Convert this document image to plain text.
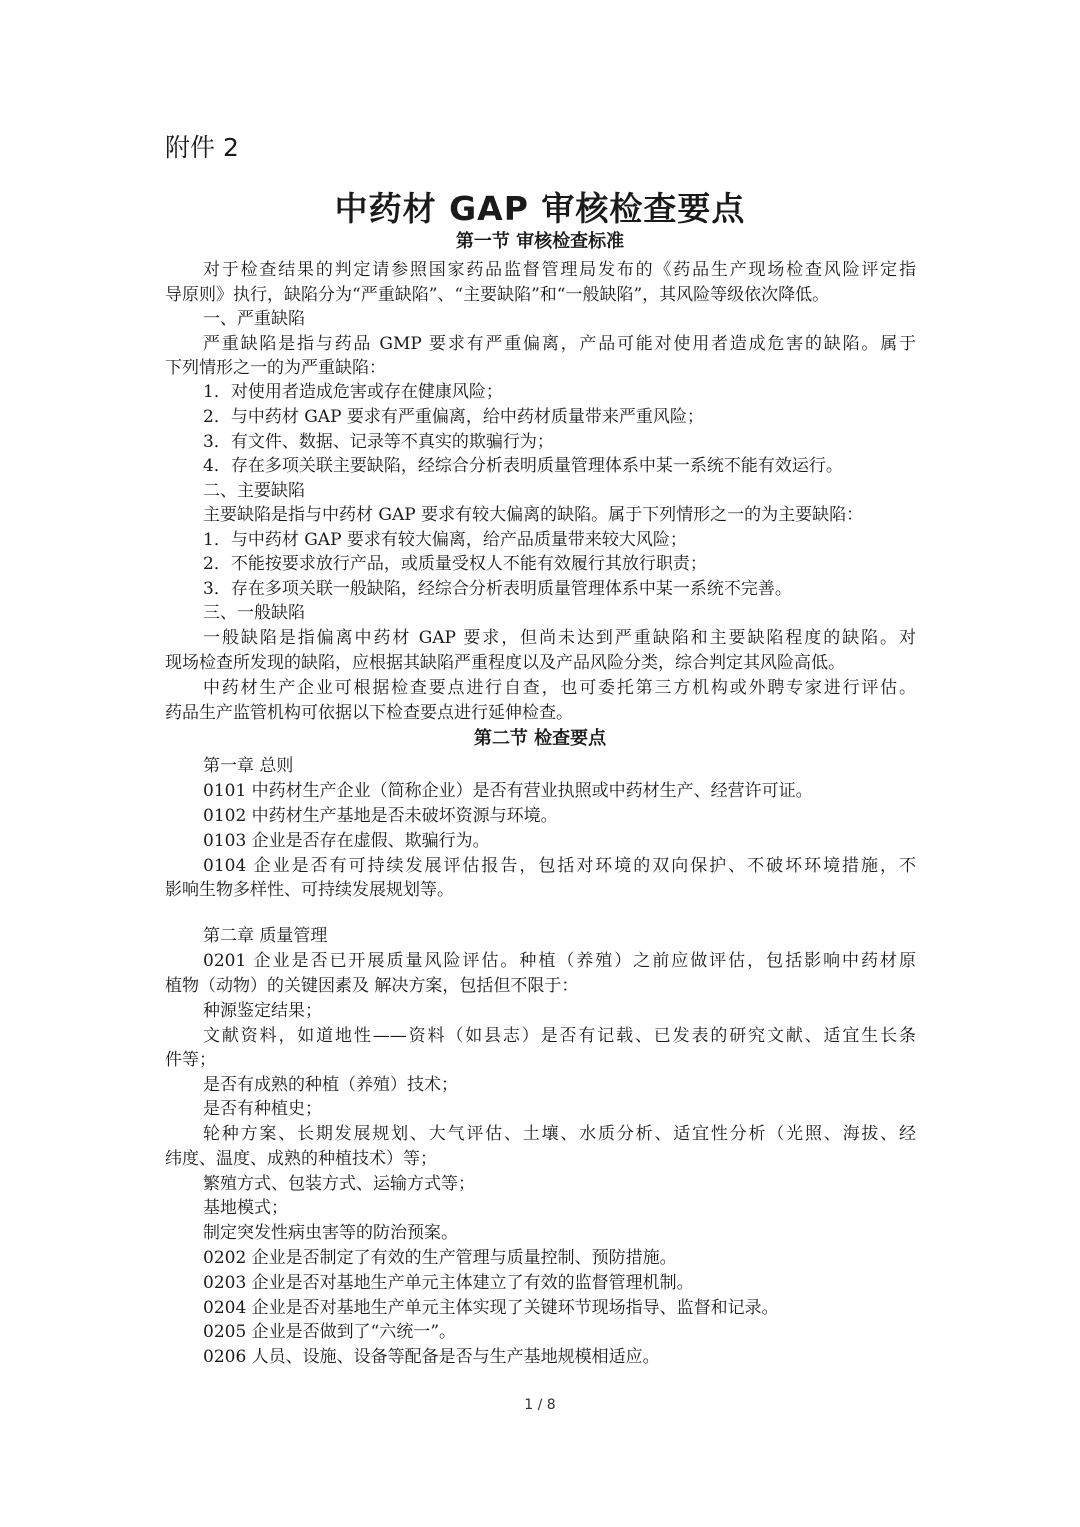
附件 2
中药材 GAP 审核检查要点
第一节 审核检查标准
对于检查结果的判定请参照国家药品监督管理局发布的《药品生产现场检查风险评定指
导原则》执行，缺陷分为“严重缺陷”、“主要缺陷”和“一般缺陷”，其风险等级依次降低。
一、严重缺陷
严重缺陷是指与药品 GMP 要求有严重偏离，产品可能对使用者造成危害的缺陷。属于
下列情形之一的为严重缺陷：
1．对使用者造成危害或存在健康风险；
2．与中药材 GAP 要求有严重偏离，给中药材质量带来严重风险；
3．有文件、数据、记录等不真实的欺骗行为；
4．存在多项关联主要缺陷，经综合分析表明质量管理体系中某一系统不能有效运行。
二、主要缺陷
主要缺陷是指与中药材 GAP 要求有较大偏离的缺陷。属于下列情形之一的为主要缺陷：
1．与中药材 GAP 要求有较大偏离，给产品质量带来较大风险；
2．不能按要求放行产品，或质量受权人不能有效履行其放行职责；
3．存在多项关联一般缺陷，经综合分析表明质量管理体系中某一系统不完善。
三、一般缺陷
一般缺陷是指偏离中药材 GAP 要求，但尚未达到严重缺陷和主要缺陷程度的缺陷。对
现场检查所发现的缺陷，应根据其缺陷严重程度以及产品风险分类，综合判定其风险高低。
中药材生产企业可根据检查要点进行自查，也可委托第三方机构或外聘专家进行评估。
药品生产监管机构可依据以下检查要点进行延伸检查。
第二节 检查要点
第一章 总则
0101 中药材生产企业（简称企业）是否有营业执照或中药材生产、经营许可证。
0102 中药材生产基地是否未破坏资源与环境。
0103 企业是否存在虚假、欺骗行为。
0104 企业是否有可持续发展评估报告，包括对环境的双向保护、不破坏环境措施，不
影响生物多样性、可持续发展规划等。
第二章 质量管理
0201 企业是否已开展质量风险评估。种植（养殖）之前应做评估，包括影响中药材原
植物（动物）的关键因素及 解决方案，包括但不限于：
种源鉴定结果；
文献资料，如道地性——资料（如县志）是否有记载、已发表的研究文献、适宜生长条
件等；
是否有成熟的种植（养殖）技术；
是否有种植史；
轮种方案、长期发展规划、大气评估、土壤、水质分析、适宜性分析（光照、海拔、经
纬度、温度、成熟的种植技术）等；
繁殖方式、包装方式、运输方式等；
基地模式；
制定突发性病虫害等的防治预案。
0202 企业是否制定了有效的生产管理与质量控制、预防措施。
0203 企业是否对基地生产单元主体建立了有效的监督管理机制。
0204 企业是否对基地生产单元主体实现了关键环节现场指导、监督和记录。
0205 企业是否做到了“六统一”。
0206 人员、设施、设备等配备是否与生产基地规模相适应。
1 / 8
